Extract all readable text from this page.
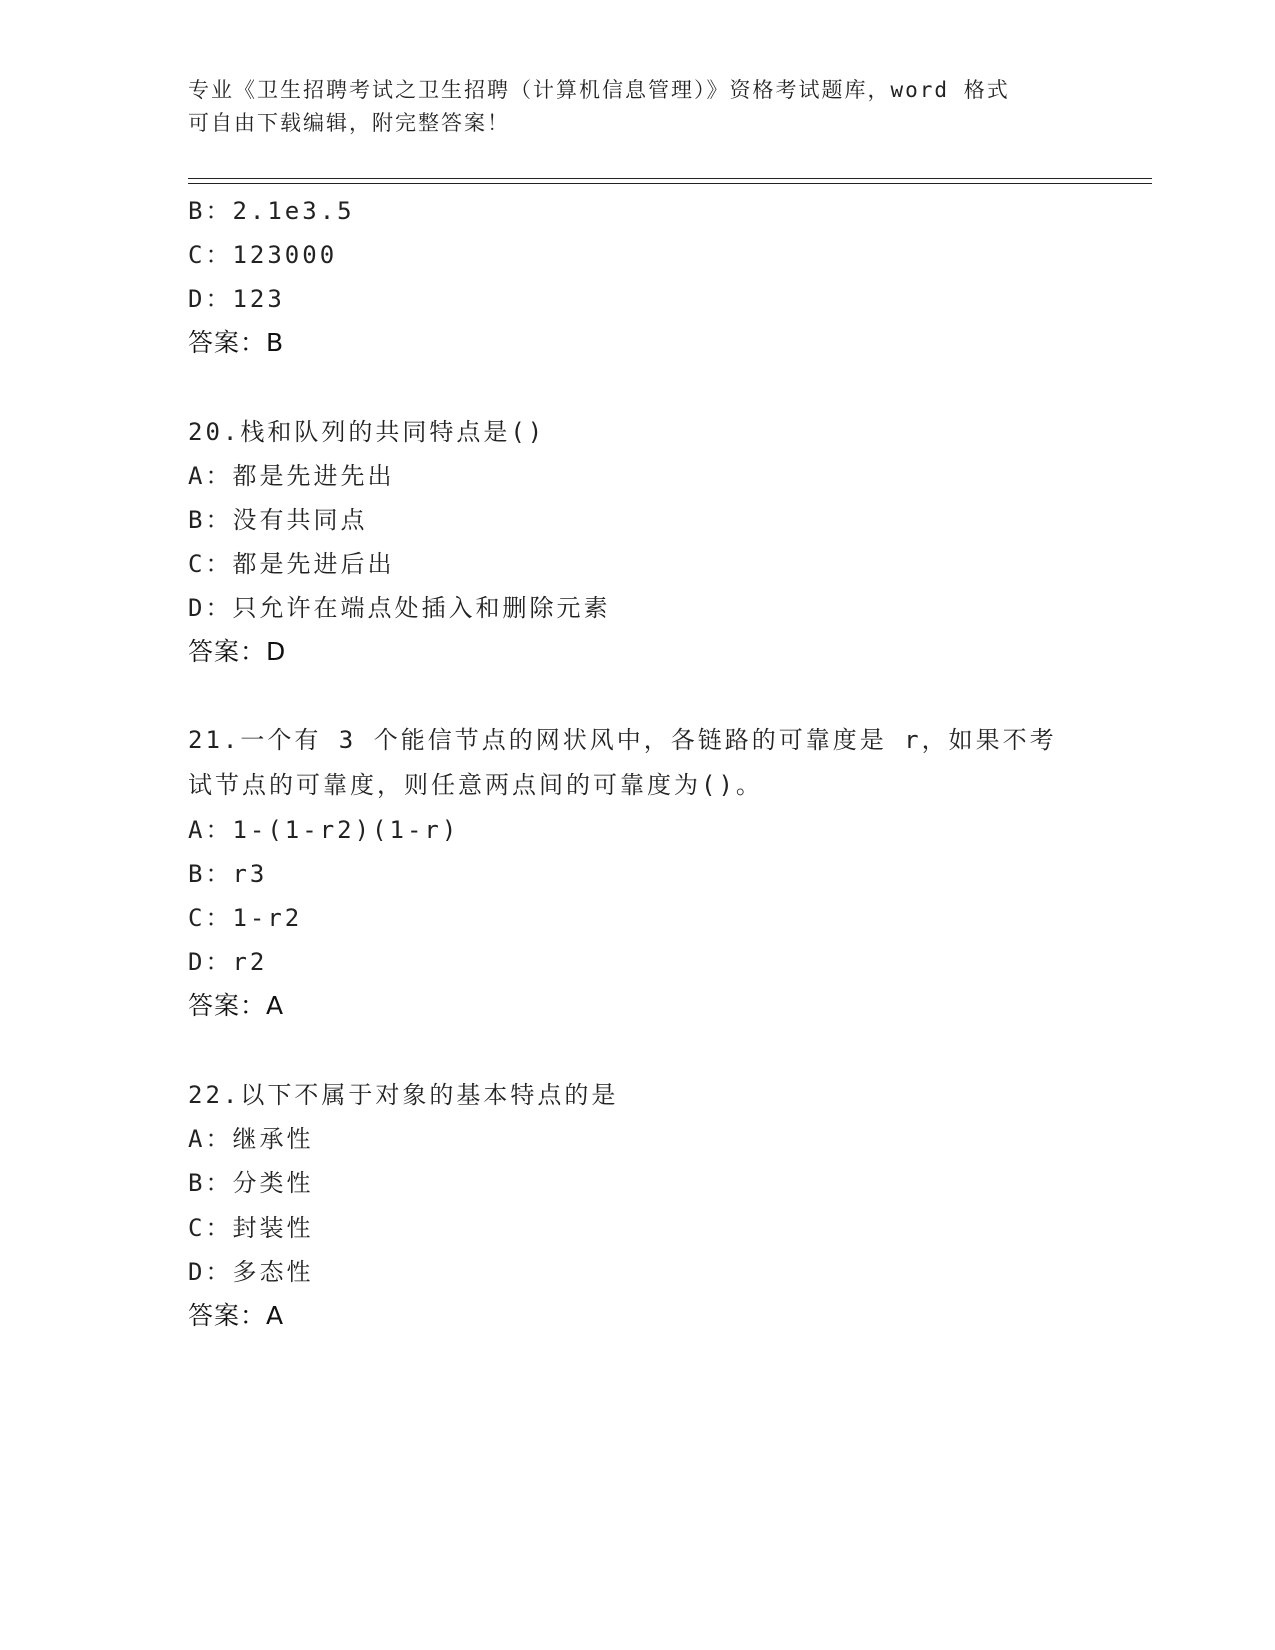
专业《卫生招聘考试之卫生招聘（计算机信息管理）》资格考试题库，word 格式
可自由下载编辑，附完整答案！
B：2.1e3.5
C：123000
D：123
答案：B
20.栈和队列的共同特点是()
A：都是先进先出
B：没有共同点
C：都是先进后出
D：只允许在端点处插入和删除元素
答案：D
21.一个有 3 个能信节点的网状风中，各链路的可靠度是 r，如果不考
试节点的可靠度，则任意两点间的可靠度为()。
A：1-(1-r2)(1-r)
B：r3
C：1-r2
D：r2
答案：A
22.以下不属于对象的基本特点的是
A：继承性
B：分类性
C：封装性
D：多态性
答案：A
